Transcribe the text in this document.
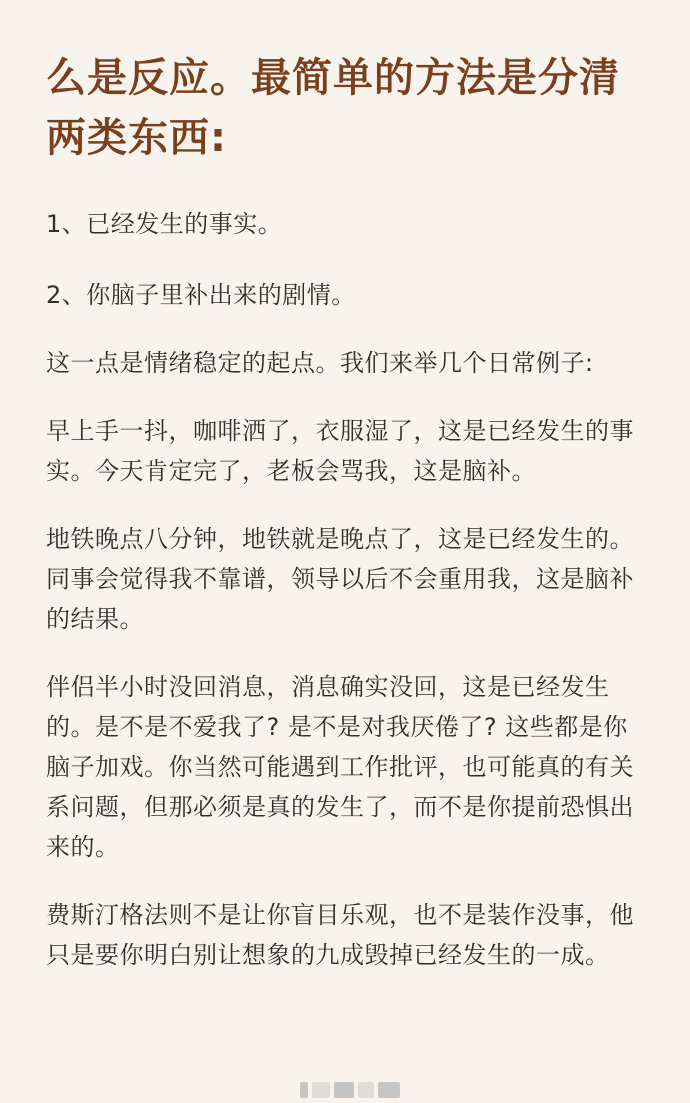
么是反应。最简单的方法是分清两类东西:

1、已经发生的事实。

2、你脑子里补出来的剧情。

这一点是情绪稳定的起点。我们来举几个日常例子:

早上手一抖，咖啡洒了，衣服湿了，这是已经发生的事实。今天肯定完了，老板会骂我，这是脑补。

地铁晚点八分钟，地铁就是晚点了，这是已经发生的。同事会觉得我不靠谱，领导以后不会重用我，这是脑补的结果。

伴侣半小时没回消息，消息确实没回，这是已经发生的。是不是不爱我了? 是不是对我厌倦了? 这些都是你脑子加戏。你当然可能遇到工作批评，也可能真的有关系问题，但那必须是真的发生了，而不是你提前恐惧出来的。

费斯汀格法则不是让你盲目乐观，也不是装作没事，他只是要你明白别让想象的九成毁掉已经发生的一成。
